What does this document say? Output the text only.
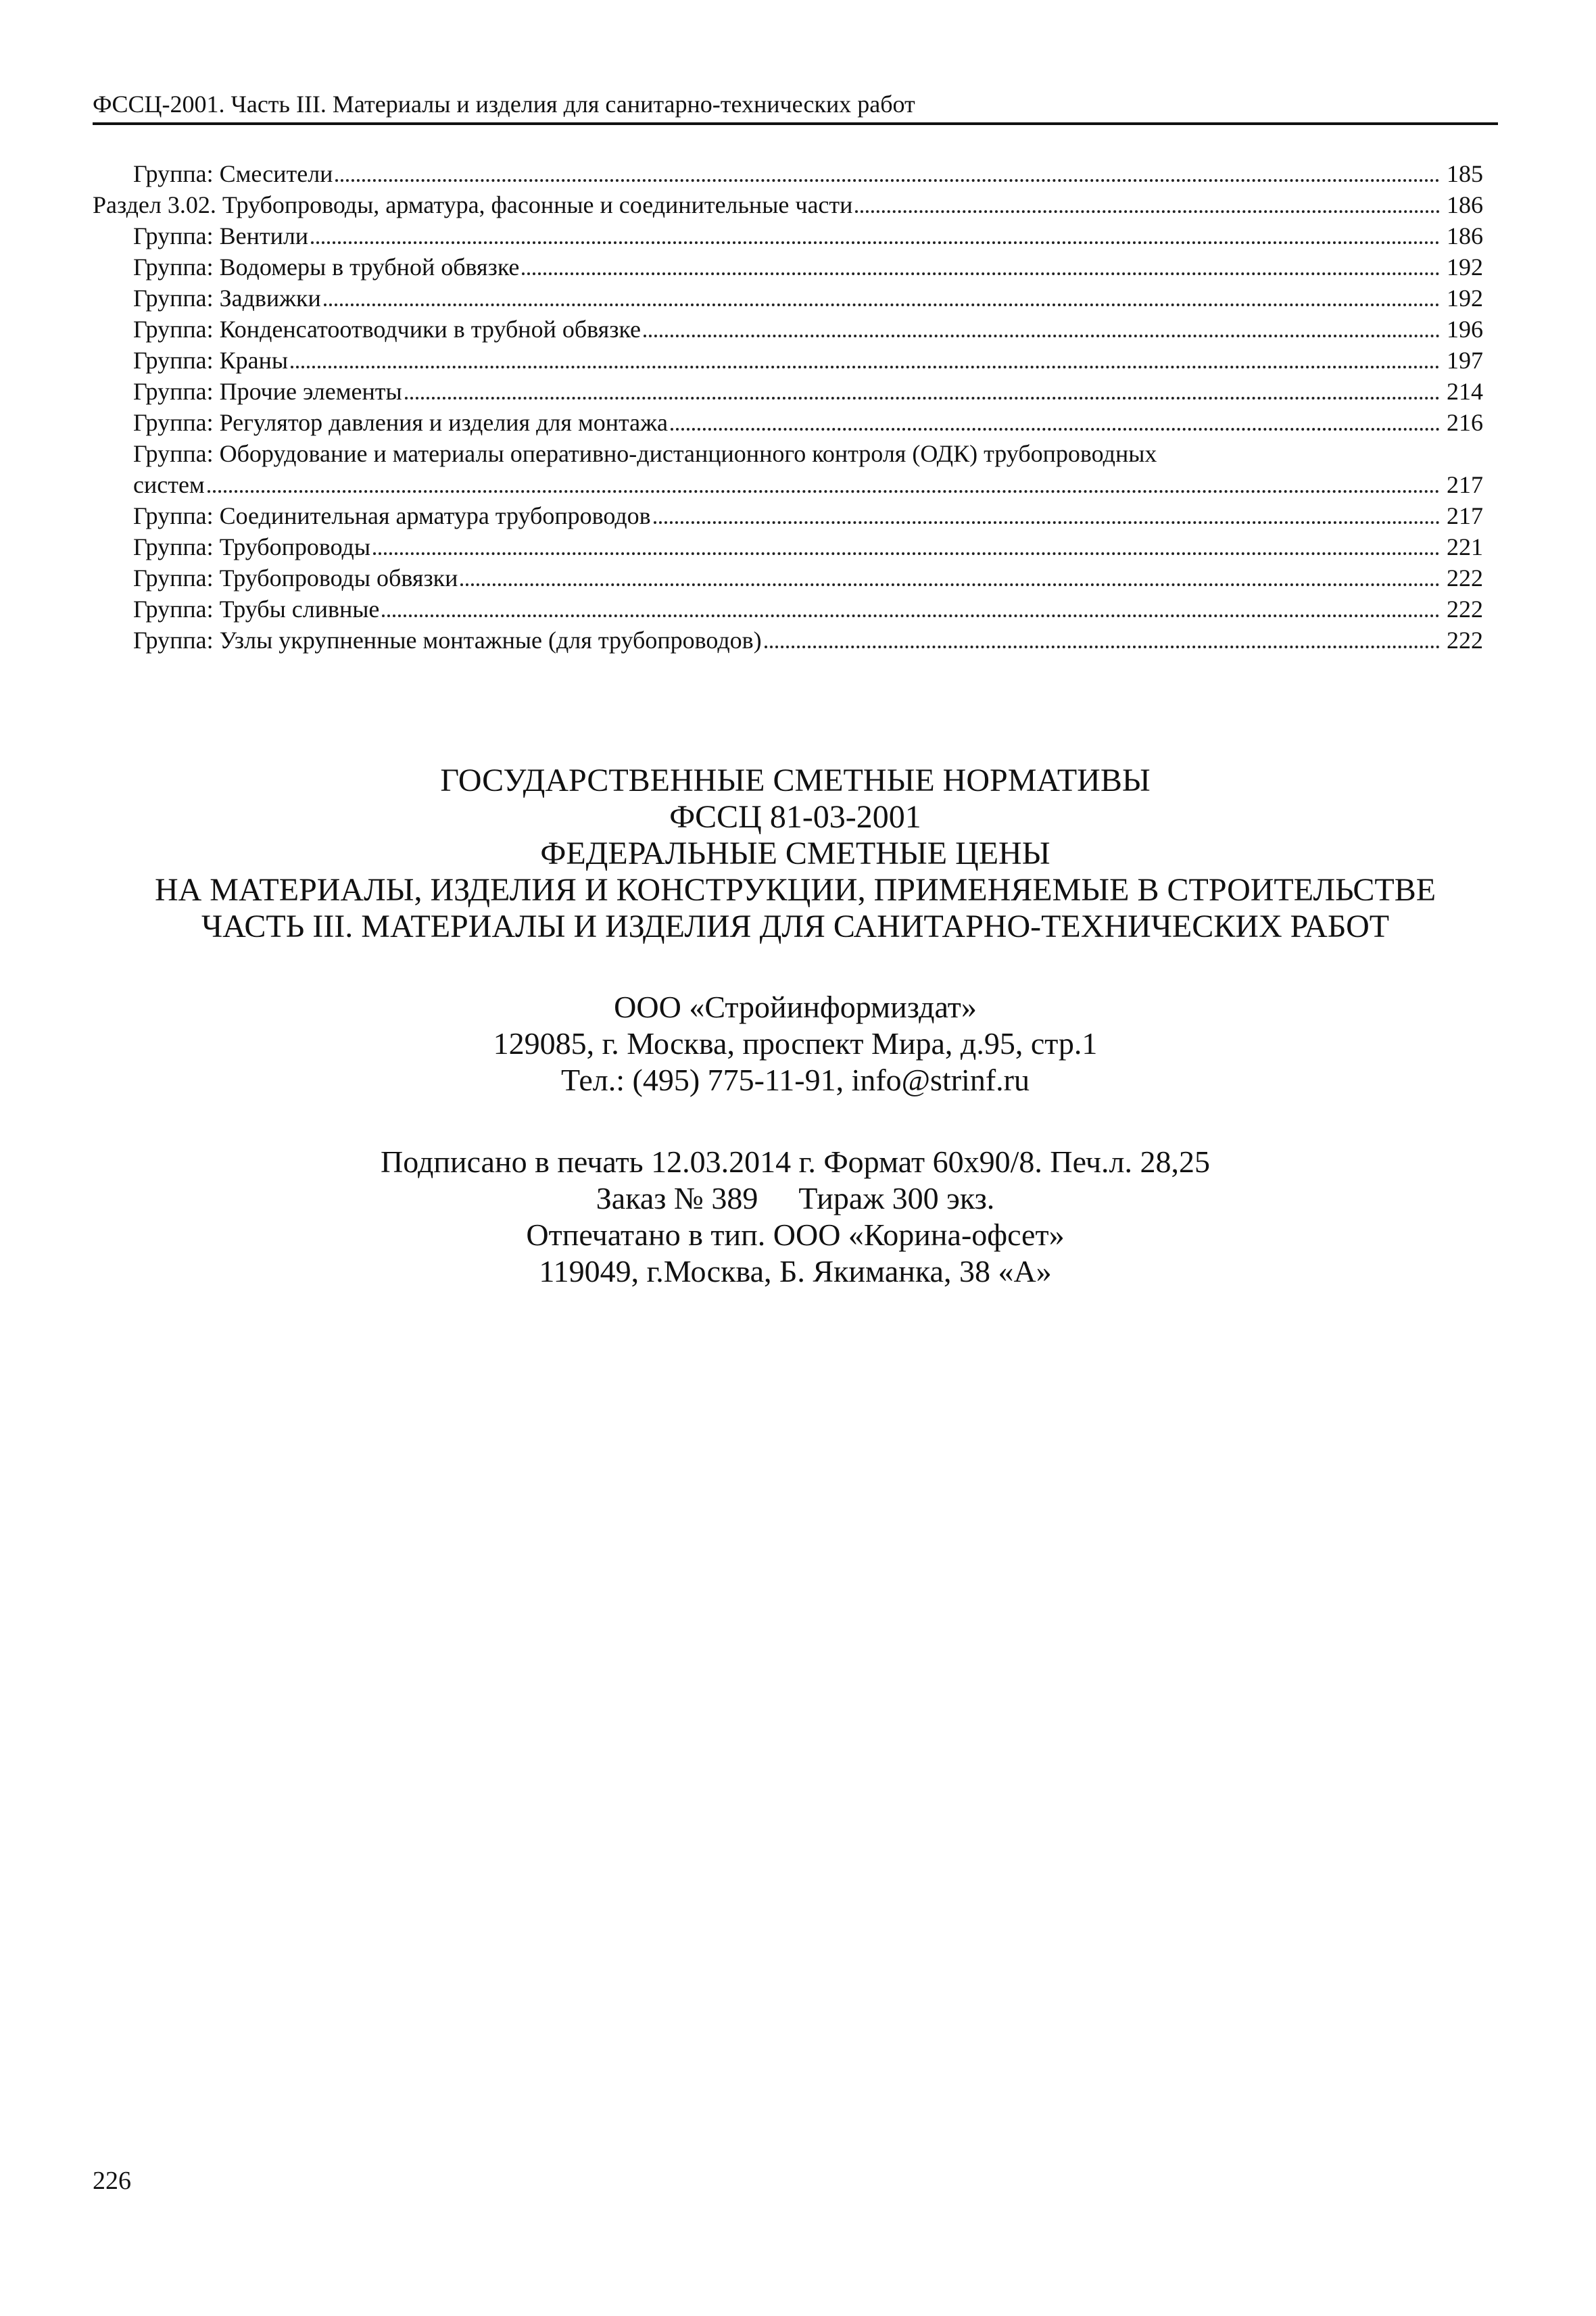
ФССЦ-2001. Часть III. Материалы и изделия для санитарно-технических работ
Группа: Смесители	185
Раздел 3.02. Трубопроводы, арматура, фасонные и соединительные части	186
Группа: Вентили	186
Группа: Водомеры в трубной обвязке	192
Группа: Задвижки	192
Группа: Конденсатоотводчики в трубной обвязке	196
Группа: Краны	197
Группа: Прочие элементы	214
Группа: Регулятор давления и изделия для монтажа	216
Группа: Оборудование и материалы оперативно-дистанционного контроля (ОДК) трубопроводных
систем	217
Группа: Соединительная арматура трубопроводов	217
Группа: Трубопроводы	221
Группа: Трубопроводы обвязки	222
Группа: Трубы сливные	222
Группа: Узлы укрупненные монтажные (для трубопроводов)	222
ГОСУДАРСТВЕННЫЕ СМЕТНЫЕ НОРМАТИВЫ
ФССЦ 81-03-2001
ФЕДЕРАЛЬНЫЕ СМЕТНЫЕ ЦЕНЫ
НА МАТЕРИАЛЫ, ИЗДЕЛИЯ И КОНСТРУКЦИИ, ПРИМЕНЯЕМЫЕ В СТРОИТЕЛЬСТВЕ
ЧАСТЬ III. МАТЕРИАЛЫ И ИЗДЕЛИЯ ДЛЯ САНИТАРНО-ТЕХНИЧЕСКИХ РАБОТ
ООО «Стройинформиздат»
129085, г. Москва, проспект Мира, д.95, стр.1
Тел.: (495) 775-11-91, info@strinf.ru
Подписано в печать 12.03.2014 г. Формат 60х90/8. Печ.л. 28,25
Заказ № 389 Тираж 300 экз.
Отпечатано в тип. ООО «Корина-офсет»
119049, г.Москва, Б. Якиманка, 38 «А»
226
